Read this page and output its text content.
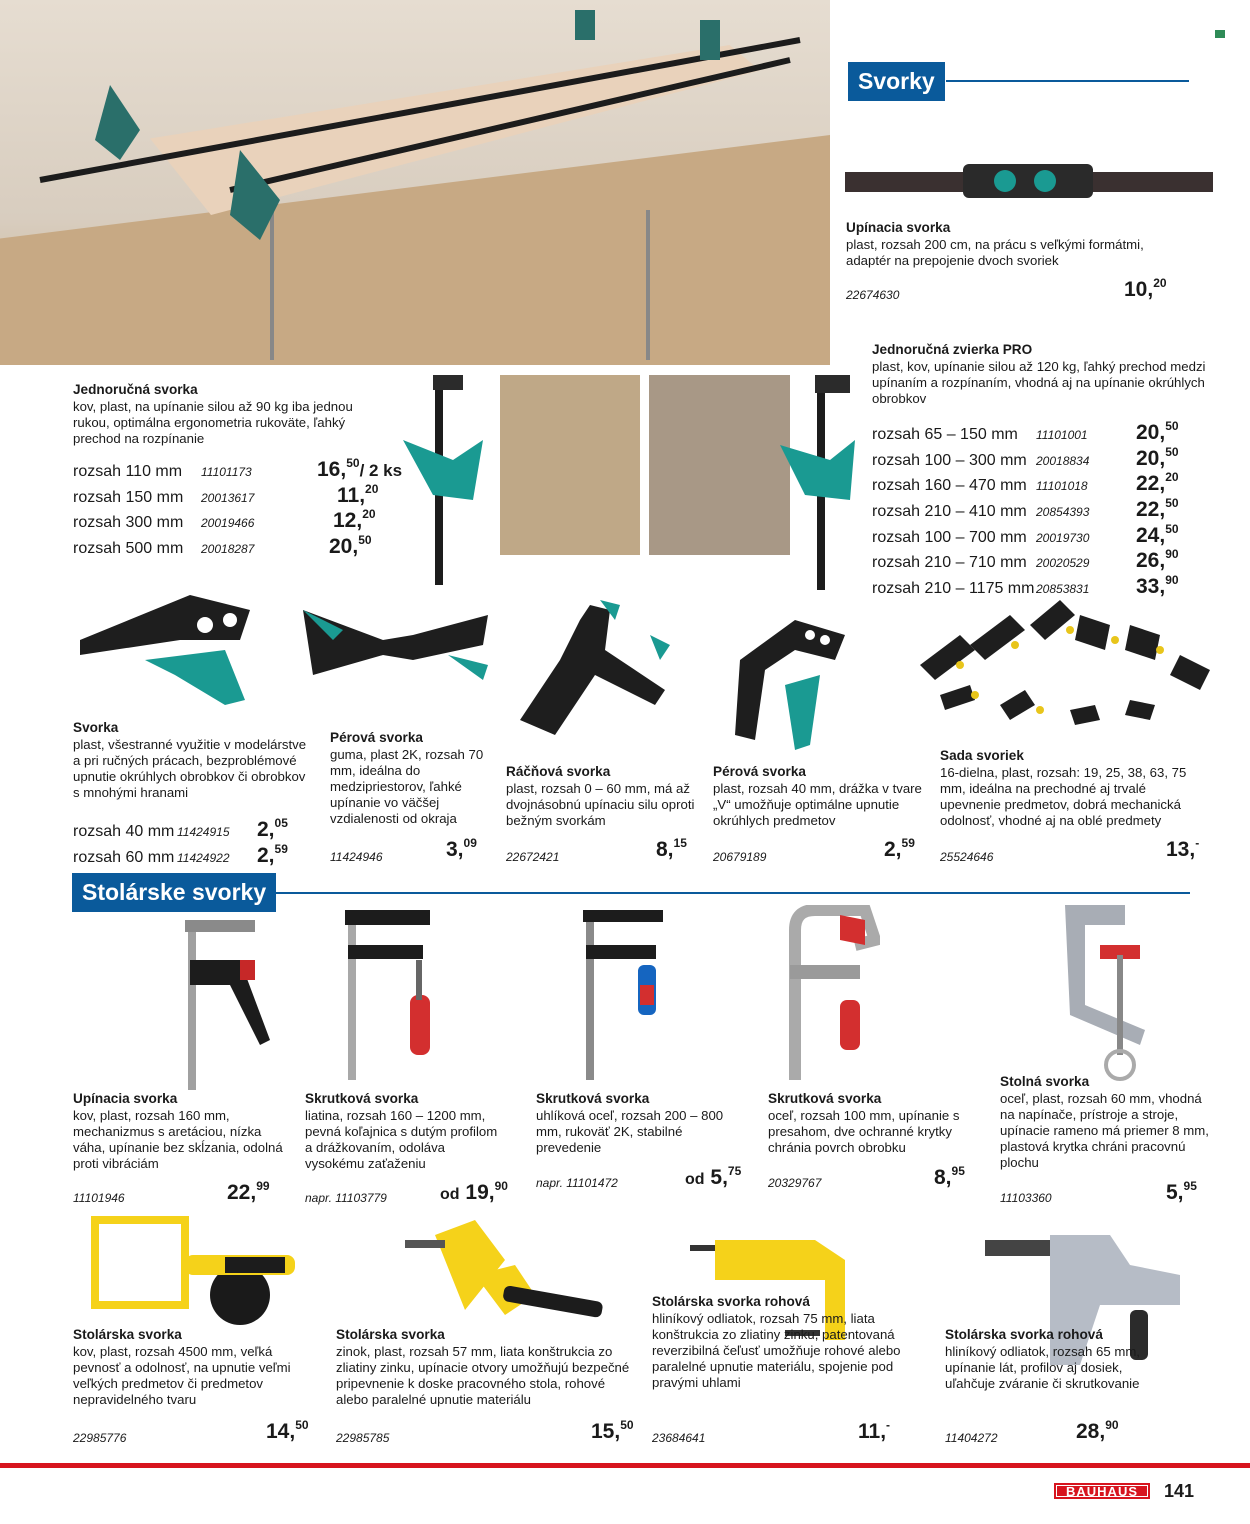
Svorky
Upínacia svorka
plast, rozsah 200 cm, na prácu s veľkými formátmi, adaptér na prepojenie dvoch svoriek
22674630	10,20
Jednoručná svorka
kov, plast, na upínanie silou až 90 kg iba jednou rukou, optimálna ergonometria rukoväte, ľahký prechod na rozpínanie
rozsah 110 mm	11101173	16,50/ 2 ks
rozsah 150 mm	20013617	11,20
rozsah 300 mm	20019466	12,20
rozsah 500 mm	20018287	20,50
Jednoručná zvierka PRO
plast, kov, upínanie silou až 120 kg, ľahký prechod medzi upínaním a rozpínaním, vhodná aj na upínanie okrúhlych obrobkov
rozsah 65 – 150 mm	11101001	20,50
rozsah 100 – 300 mm 20018834	20,50
rozsah 160 – 470 mm 11101018	22,20
rozsah 210 – 410 mm 20854393	22,50
rozsah 100 – 700 mm 20019730	24,50
rozsah 210 – 710 mm 20020529	26,90
rozsah 210 – 1175 mm 20853831	33,90
Svorka
plast, všestranné využitie v modelárstve a pri ručných prácach, bezproblémové upnutie okrúhlych obrobkov či obrobkov s mnohými hranami
rozsah 40 mm 11424915	2,05
rozsah 60 mm 11424922	2,59
Pérová svorka
guma, plast 2K, rozsah 70 mm, ideálna do medzipriestorov, ľahké upínanie vo väčšej vzdialenosti od okraja
11424946	3,09
Ráčňová svorka
plast, rozsah 0 – 60 mm, má až dvojnásobnú upínaciu silu oproti bežným svorkám
22672421	8,15
Pérová svorka
plast, rozsah 40 mm, drážka v tvare „V“ umožňuje optimálne upnutie okrúhlych predmetov
20679189	2,59
Sada svoriek
16-dielna, plast, rozsah: 19, 25, 38, 63, 75 mm, ideálna na prechodné aj trvalé upevnenie predmetov, dobrá mechanická odolnosť, vhodné aj na oblé predmety
25524646	13,-
Stolárske svorky
Upínacia svorka
kov, plast, rozsah 160 mm, mechanizmus s aretáciou, nízka váha, upínanie bez skĺzania, odolná proti vibráciám
11101946	22,99
Skrutková svorka
liatina, rozsah 160 – 1200 mm, pevná koľajnica s dutým profilom a drážkovaním, odoláva vysokému zaťaženiu
napr. 11103779	od 19,90
Skrutková svorka
uhlíková oceľ, rozsah 200 – 800 mm, rukoväť 2K, stabilné prevedenie
napr. 11101472	od 5,75
Skrutková svorka
oceľ, rozsah 100 mm, upínanie s presahom, dve ochranné krytky chránia povrch obrobku
20329767	8,95
Stolná svorka
oceľ, plast, rozsah 60 mm, vhodná na napínače, prístroje a stroje, upínacie rameno má priemer 8 mm, plastová krytka chráni pracovnú plochu
11103360	5,95
Stolárska svorka
kov, plast, rozsah 4500 mm, veľká pevnosť a odolnosť, na upnutie veľmi veľkých predmetov či predmetov nepravidelného tvaru
22985776	14,50
Stolárska svorka
zinok, plast, rozsah 57 mm, liata konštrukcia zo zliatiny zinku, upínacie otvory umožňujú bezpečné pripevnenie k doske pracovného stola, rohové alebo paralelné upnutie materiálu
22985785	15,50
Stolárska svorka rohová
hliníkový odliatok, rozsah 75 mm, liata konštrukcia zo zliatiny zinku, patentovaná reverzibilná čeľusť umožňuje rohové alebo paralelné upnutie materiálu, spojenie pod pravými uhlami
23684641	11,-
Stolárska svorka rohová
hliníkový odliatok, rozsah 65 mm, upínanie lát, profilov aj dosiek, uľahčuje zváranie či skrutkovanie
11404272	28,90
BAUHAUS	141
